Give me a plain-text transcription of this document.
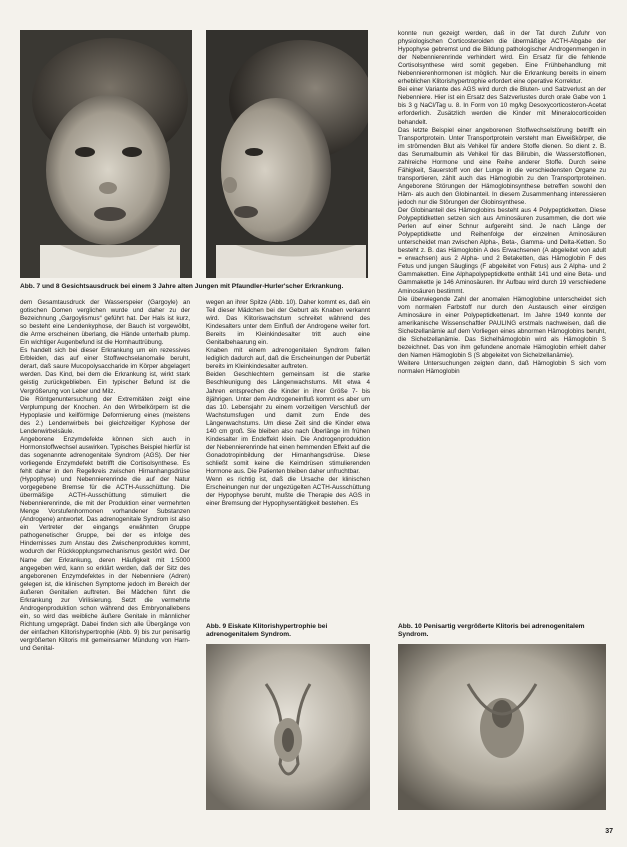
Abb. 7 und 8 Gesichtsausdruck bei einem 3 Jahre alten Jungen mit Pfaundler-Hurler'scher Erkrankung.

dem Gesamtausdruck der Wasserspeier (Gargoyle) an gotischen Domen verglichen wurde und daher zu der Bezeichnung „Gargoylismus“ geführt hat. Der Hals ist kurz, so besteht eine Lendenkyphose, der Bauch ist vorgewölbt, die Arme erscheinen überlang, die Hände unterhalb plump. Ein wichtiger Augenbefund ist die Hornhauttrübung.

Es handelt sich bei dieser Erkrankung um ein rezessives Erbleiden, das auf einer Stoffwechselanomalie beruht, derart, daß saure Mucopolysaccharide im Körper abgelagert werden. Das Kind, bei dem die Erkrankung ist, wirkt stark geistig zurückgeblieben. Ein typischer Befund ist die Vergrößerung von Leber und Milz.

Die Röntgenuntersuchung der Extremitäten zeigt eine Verplumpung der Knochen. An den Wirbelkörpern ist die Hypoplasie und keilförmige Deformierung eines (meistens des 2.) Lendenwirbels bei gleichzeitiger Kyphose der Lendenwirbelsäule.

Angeborene Enzymdefekte können sich auch in Hormonstoffwechsel auswirken. Typisches Beispiel hierfür ist das sogenannte adrenogenitale Syndrom (AGS). Der hier vorliegende Enzymdefekt betrifft die Cortisolsynthese. Es fehlt daher in den Regelkreis zwischen Hirnanhangsdrüse (Hypophyse) und Nebennierenrinde die auf der Natur vorgegebene Bremse für die ACTH-Ausschüttung. Die übermäßige ACTH-Ausschüttung stimuliert die Nebennierenrinde, die mit der Produktion einer vermehrten Menge Vorstufenhormonen vorhandener Substanzen (Androgene) antwortet. Das adrenogenitale Syndrom ist also ein Vertreter der eingangs erwähnten Gruppe pathogenetischer Gruppe, bei der es infolge des Hindernisses zum Anstau des Zwischenproduktes kommt, wodurch der Rückkopplungsmechanismus gestört wird. Der Name der Erkrankung, deren Häufigkeit mit 1:5000 angegeben wird, kann so erklärt werden, daß der Sitz des angeborenen Enzymdefektes in der Nebenniere (Adren) gelegen ist, die klinischen Symptome jedoch im Bereich der äußeren Genitalien auftreten. Bei Mädchen führt die Erkrankung zur Virilisierung. Setzt die vermehrte Androgenproduktion schon während des Embryonallebens ein, so wird das weibliche äußere Genitale in männlicher Richtung umgeprägt. Dabei finden sich alle Übergänge von der einfachen Klitorishypertrophie (Abb. 9) bis zur penisartig vergrößerten Klitoris mit gemeinsamer Mündung von Harn- und Genital-

wegen an ihrer Spitze (Abb. 10). Daher kommt es, daß ein Teil dieser Mädchen bei der Geburt als Knaben verkannt wird. Das Klitoriswachstum schreitet während des Kindesalters unter dem Einfluß der Androgene weiter fort. Bereits im Kleinkindesalter tritt auch eine Genitalbehaarung ein.

Knaben mit einem adrenogenitalen Syndrom fallen lediglich dadurch auf, daß die Erscheinungen der Pubertät bereits im Kleinkindesalter auftreten.

Beiden Geschlechtern gemeinsam ist die starke Beschleunigung des Längenwachstums. Mit etwa 4 Jahren entsprechen die Kinder in ihrer Größe 7- bis 8jährigen. Unter dem Androgeneinfluß kommt es aber um das 10. Lebensjahr zu einem vorzeitigen Verschluß der Wachstumsfugen und damit zum Ende des Längenwachstums. Um diese Zeit sind die Kinder etwa 140 cm groß. Sie bleiben also nach Überlänge im frühen Kindesalter im Endeffekt klein. Die Androgenproduktion der Nebennierenrinde hat einen hemmenden Effekt auf die Gonadotropinbildung der Hirnanhangsdrüse. Diese schließt somit keine die Keimdrüsen stimulierenden Hormone aus. Die Patienten bleiben daher unfruchtbar.

Wenn es richtig ist, daß die Ursache der klinischen Erscheinungen nur der ungezügelten ACTH-Ausschüttung der Hypophyse beruht, mußte die Therapie des AGS in einer Bremsung der Hypophysentätigkeit bestehen. Es

konnte nun gezeigt werden, daß in der Tat durch Zufuhr von physiologischen Corticosteroiden die übermäßige ACTH-Abgabe der Hypophyse gebremst und die Bildung pathologischer Androgenmengen in der Nebennierenrinde verhindert wird. Ein Ersatz für die fehlende Cortisolsynthese wird somit gegeben. Eine Frühbehandlung mit Nebennierenhormonen ist möglich. Nur die Erkrankung bereits in einem erheblichen Klitorishypertrophie erfordert eine operative Korrektur.

Bei einer Variante des AGS wird durch die Bluten- und Salzverlust an der Nebenniere. Hier ist ein Ersatz des Salzverlustes durch orale Gabe von 1 bis 3 g NaCl/Tag u. 8. In Form von 10 mg/kg Desoxycorticosteron-Acetat erforderlich. Zusätzlich werden die Kinder mit Mineralocorticoiden behandelt.

Das letzte Beispiel einer angeborenen Stoffwechselstörung betrifft ein Transportprotein. Unter Transportprotein versteht man Eiweißkörper, die im strömenden Blut als Vehikel für andere Stoffe dienen. So dient z. B. das Serumalbumin als Vehikel für das Bilirubin, die Wasserstoffionen, zahlreiche Hormone und eine Reihe anderer Stoffe. Durch seine Fähigkeit, Sauerstoff von der Lunge in die verschiedensten Organe zu transportieren, zählt auch das Hämoglobin zu den Transportproteinen. Angeborene Störungen der Hämoglobinsynthese betreffen sowohl den Häm- als auch den Globinanteil. In diesem Zusammenhang interessieren jedoch nur die Störungen der Globinsynthese.

Der Globinanteil des Hämoglobins besteht aus 4 Polypeptidketten. Diese Polypeptidketten setzen sich aus Aminosäuren zusammen, die dort wie Perlen auf einer Schnur aufgereiht sind. Je nach Länge der Polypeptidkette und Reihenfolge der einzelnen Aminosäuren unterscheidet man zwischen Alpha-, Beta-, Gamma- und Delta-Ketten. So besteht z. B. das Hämoglobin A des Erwachsenen (A abgeleitet von adult = erwachsen) aus 2 Alpha- und 2 Betaketten, das Hämoglobin F des Fetus und jungen Säuglings (F abgeleitet von Fetus) aus 2 Alpha- und 2 Gammaketten. Eine Alphapolypeptidkette enthält 141 und eine Beta- und Gammakette je 146 Aminosäuren. Ihr Aufbau wird durch 19 verschiedene Aminosäuren bestimmt.

Die überwiegende Zahl der anomalen Hämoglobine unterscheidet sich vom normalen Farbstoff nur durch den Austausch einer einzigen Aminosäure in einer Polypeptidkettenart. Im Jahre 1949 konnte der amerikanische Wissenschaftler PAULING erstmals nachweisen, daß die Sichelzellanämie auf dem Vorliegen eines abnormen Hämoglobins beruht, die Sichelzellanämie. Das Sichelhämoglobin wird als Hämoglobin S bezeichnet. Das von ihm gefundene anomale Hämoglobin erhielt daher den Namen Hämoglobin S (S abgeleitet von Sichelzellanämie).

Weitere Untersuchungen zeigten dann, daß Hämoglobin S sich vom normalen Hämoglobin

Abb. 9 Eiskate Klitorishypertrophie bei adrenogenitalem Syndrom.

Abb. 10 Penisartig vergrößerte Klitoris bei adrenogenitalem Syndrom.

37
